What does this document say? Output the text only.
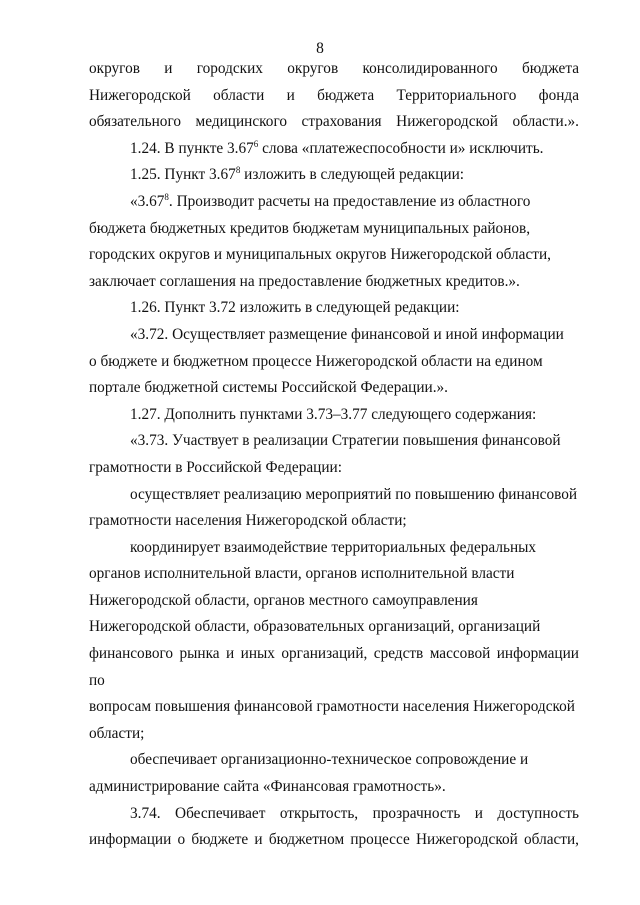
8

округов и городских округов консолидированного бюджета
Нижегородской области и бюджета Территориального фонда
обязательного медицинского страхования Нижегородской области.».

1.24. В пункте 3.67$^6$ слова «платежеспособности и» исключить.

1.25. Пункт 3.67$^8$ изложить в следующей редакции:

«3.67$^8$. Производит расчеты на предоставление из областного
бюджета бюджетных кредитов бюджетам муниципальных районов,
городских округов и муниципальных округов Нижегородской области,
заключает соглашения на предоставление бюджетных кредитов.».

1.26. Пункт 3.72 изложить в следующей редакции:

«3.72. Осуществляет размещение финансовой и иной информации
о бюджете и бюджетном процессе Нижегородской области на едином
портале бюджетной системы Российской Федерации.».

1.27. Дополнить пунктами 3.73–3.77 следующего содержания:

«3.73. Участвует в реализации Стратегии повышения финансовой
грамотности в Российской Федерации:

осуществляет реализацию мероприятий по повышению финансовой
грамотности населения Нижегородской области;

координирует взаимодействие территориальных федеральных
органов исполнительной власти, органов исполнительной власти
Нижегородской области, органов местного самоуправления
Нижегородской области, образовательных организаций, организаций
финансового рынка и иных организаций, средств массовой информации по
вопросам повышения финансовой грамотности населения Нижегородской
области;

обеспечивает организационно-техническое сопровождение и
администрирование сайта «Финансовая грамотность».

3.74. Обеспечивает открытость, прозрачность и доступность
информации о бюджете и бюджетном процессе Нижегородской области,
